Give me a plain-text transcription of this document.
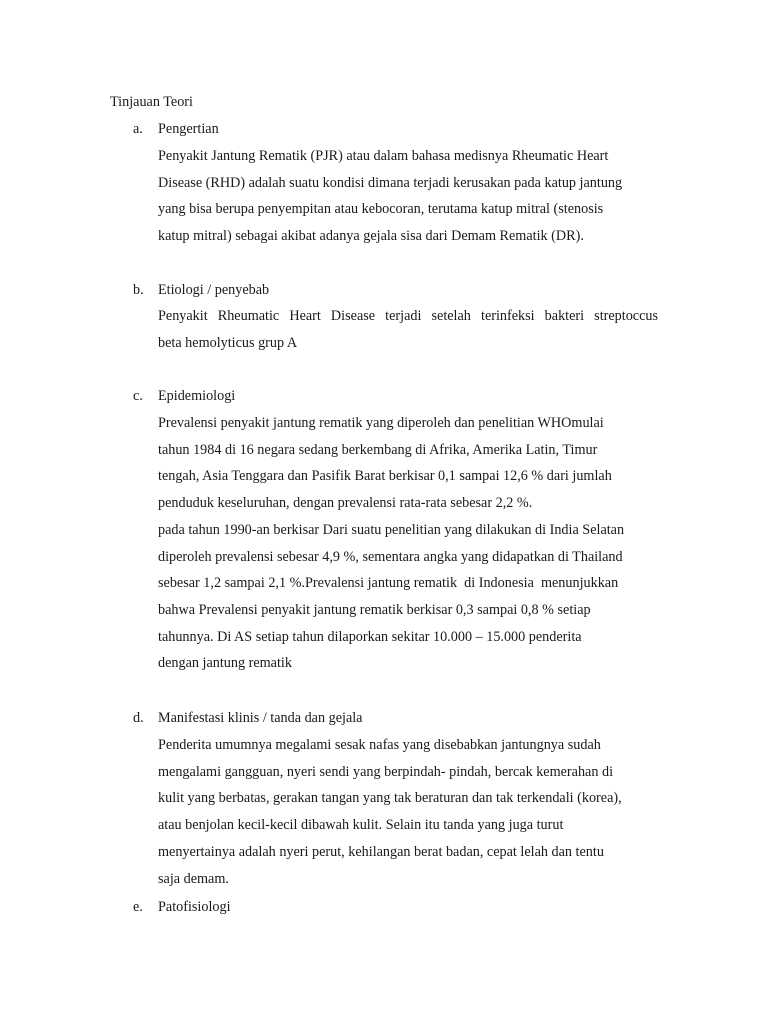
Tinjauan Teori
a. Pengertian
Penyakit Jantung Rematik (PJR) atau dalam bahasa medisnya Rheumatic Heart
Disease (RHD) adalah suatu kondisi dimana terjadi kerusakan pada katup jantung
yang bisa berupa penyempitan atau kebocoran, terutama katup mitral (stenosis
katup mitral) sebagai akibat adanya gejala sisa dari Demam Rematik (DR).
b. Etiologi / penyebab
Penyakit Rheumatic Heart Disease terjadi setelah terinfeksi bakteri streptoccus
beta hemolyticus grup A
c. Epidemiologi
Prevalensi penyakit jantung rematik yang diperoleh dan penelitian WHOmulai
tahun 1984 di 16 negara sedang berkembang di Afrika, Amerika Latin, Timur
tengah, Asia Tenggara dan Pasifik Barat berkisar 0,1 sampai 12,6 % dari jumlah
penduduk keseluruhan, dengan prevalensi rata-rata sebesar 2,2 %.
pada tahun 1990-an berkisar Dari suatu penelitian yang dilakukan di India Selatan
diperoleh prevalensi sebesar 4,9 %, sementara angka yang didapatkan di Thailand
sebesar 1,2 sampai 2,1 %.Prevalensi jantung rematik  di Indonesia  menunjukkan
bahwa Prevalensi penyakit jantung rematik berkisar 0,3 sampai 0,8 % setiap
tahunnya. Di AS setiap tahun dilaporkan sekitar 10.000 – 15.000 penderita
dengan jantung rematik
d. Manifestasi klinis / tanda dan gejala
Penderita umumnya megalami sesak nafas yang disebabkan jantungnya sudah
mengalami gangguan, nyeri sendi yang berpindah- pindah, bercak kemerahan di
kulit yang berbatas, gerakan tangan yang tak beraturan dan tak terkendali (korea),
atau benjolan kecil-kecil dibawah kulit. Selain itu tanda yang juga turut
menyertainya adalah nyeri perut, kehilangan berat badan, cepat lelah dan tentu
saja demam.
e. Patofisiologi
